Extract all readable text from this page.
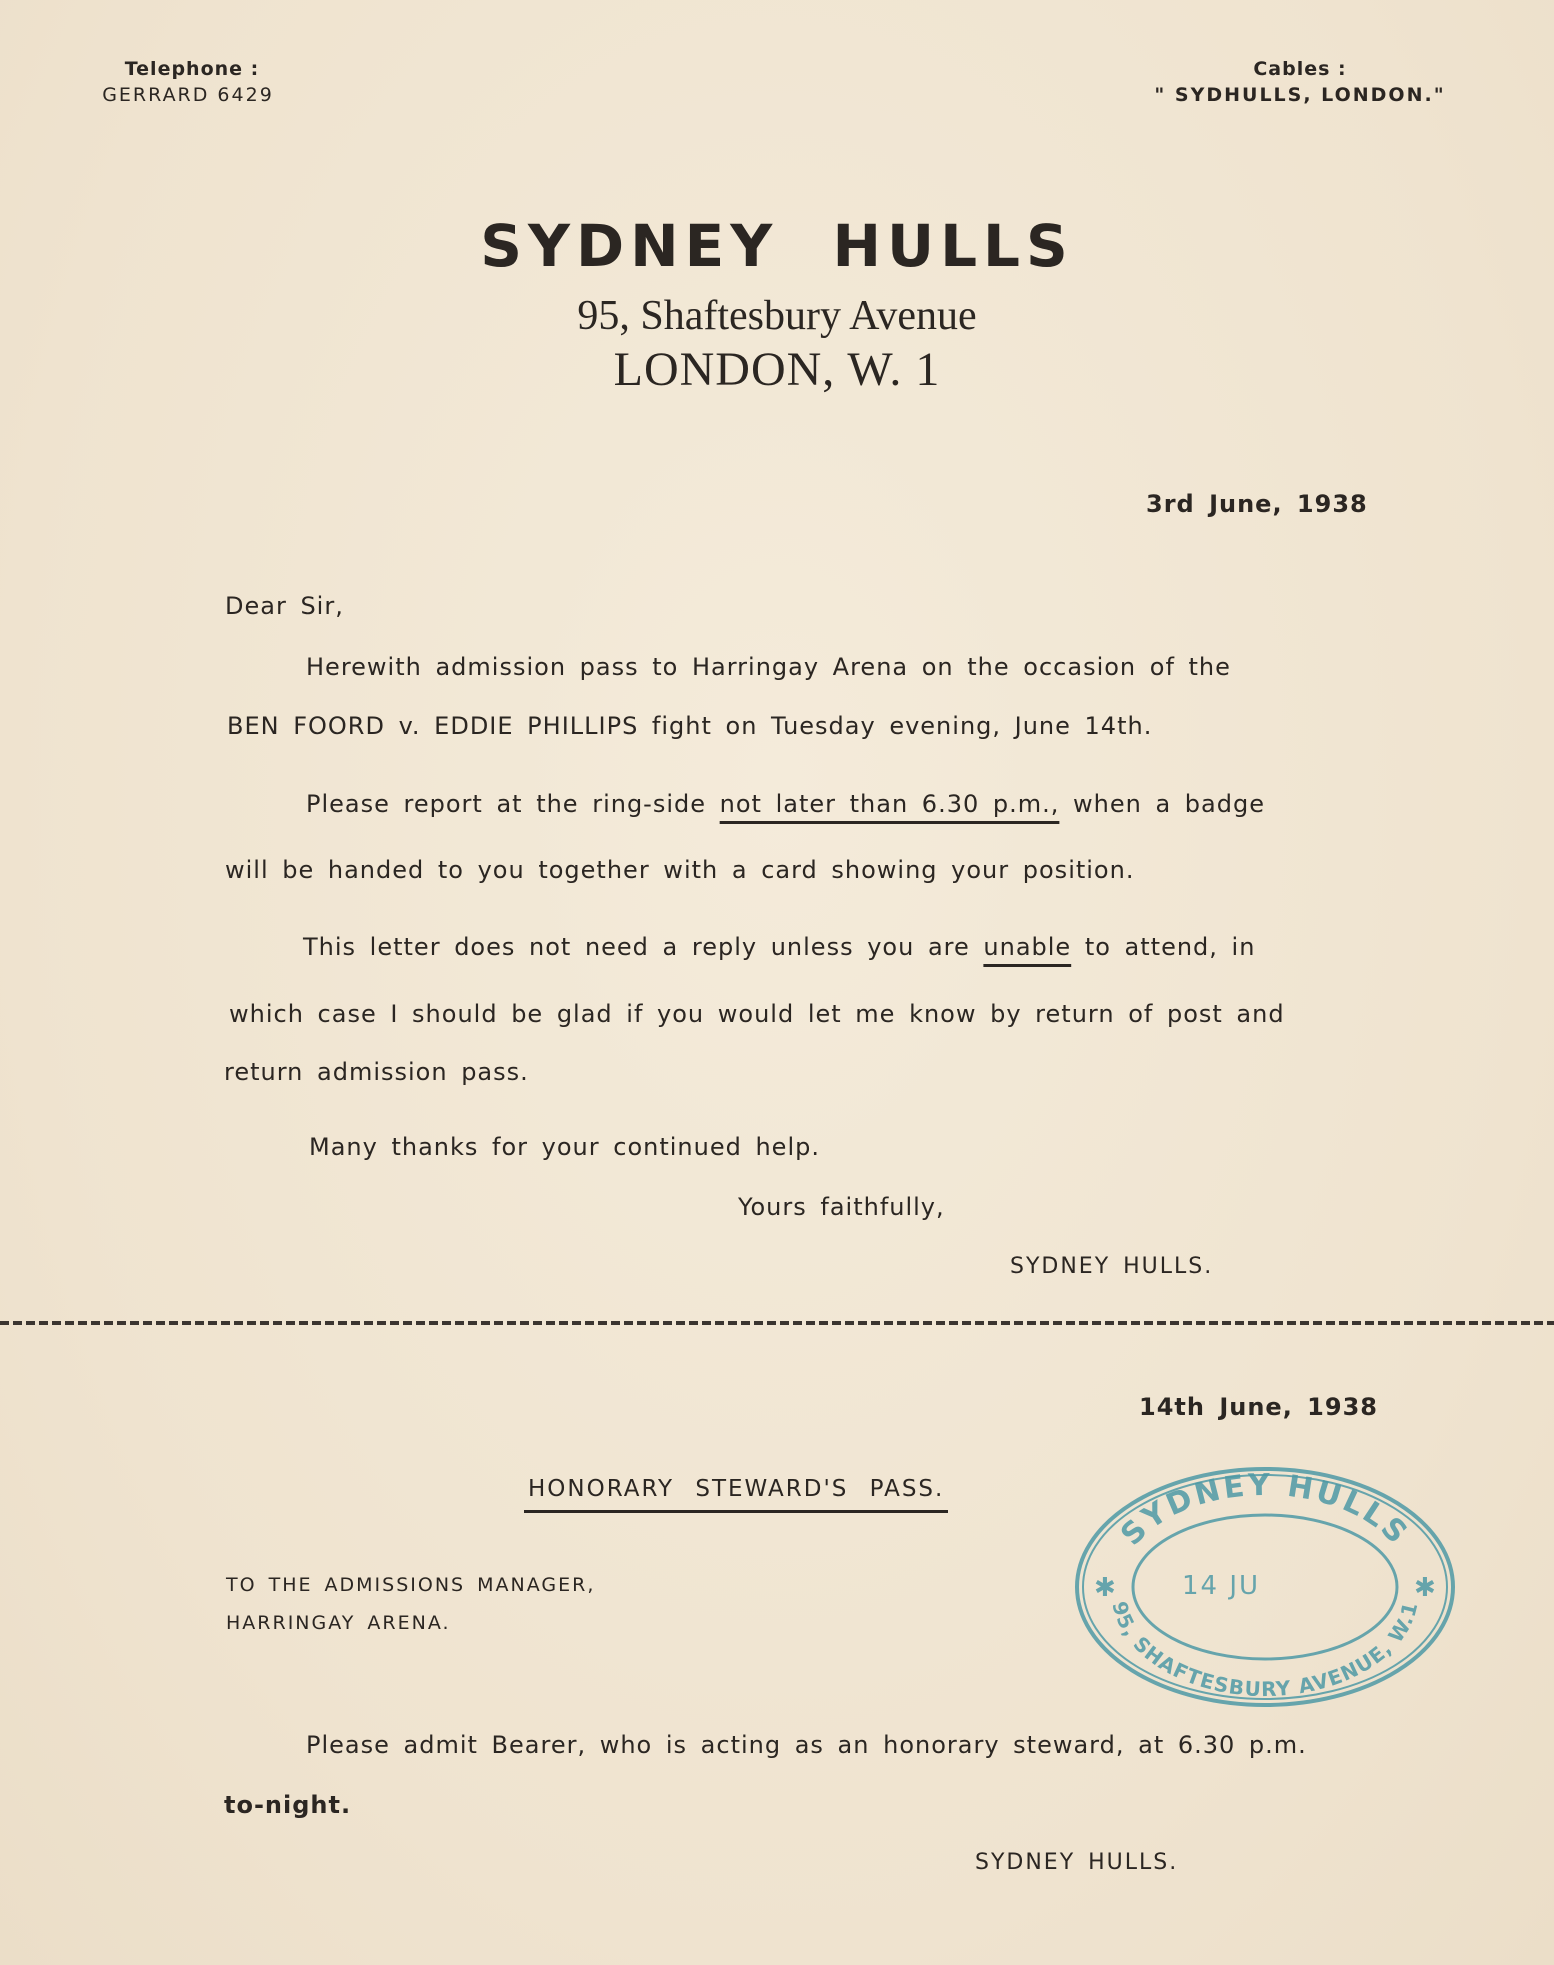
Telephone :
GERRARD 6429
Cables :
" SYDHULLS, LONDON."
SYDNEY HULLS
95, Shaftesbury Avenue
LONDON, W. 1
3rd June, 1938
Dear Sir,
Herewith admission pass to Harringay Arena on the occasion of the
BEN FOORD v. EDDIE PHILLIPS fight on Tuesday evening, June 14th.
Please report at the ring-side not later than 6.30 p.m., when a badge
will be handed to you together with a card showing your position.
This letter does not need a reply unless you are unable to attend, in
which case I should be glad if you would let me know by return of post and
return admission pass.
Many thanks for your continued help.
Yours faithfully,
SYDNEY HULLS.
14th June, 1938
HONORARY STEWARD'S PASS.
TO THE ADMISSIONS MANAGER,
HARRINGAY ARENA.
Please admit Bearer, who is acting as an honorary steward, at 6.30 p.m.
to-night.
SYDNEY HULLS.
SYDNEY HULLS
95, SHAFTESBURY AVENUE, W.1
✱	✱
14 JU
